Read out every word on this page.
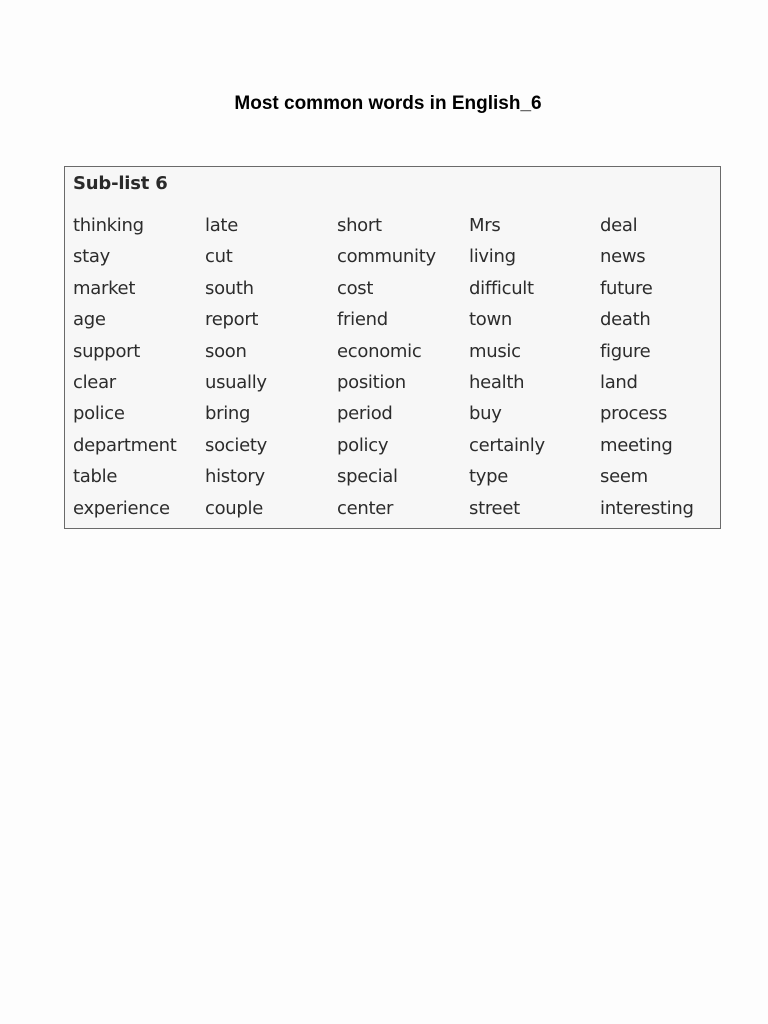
Most common words in English_6
Sub-list 6
thinking	late	short	Mrs	deal
stay	cut	community	living	news
market	south	cost	difficult	future
age	report	friend	town	death
support	soon	economic	music	figure
clear	usually	position	health	land
police	bring	period	buy	process
department	society	policy	certainly	meeting
table	history	special	type	seem
experience	couple	center	street	interesting
